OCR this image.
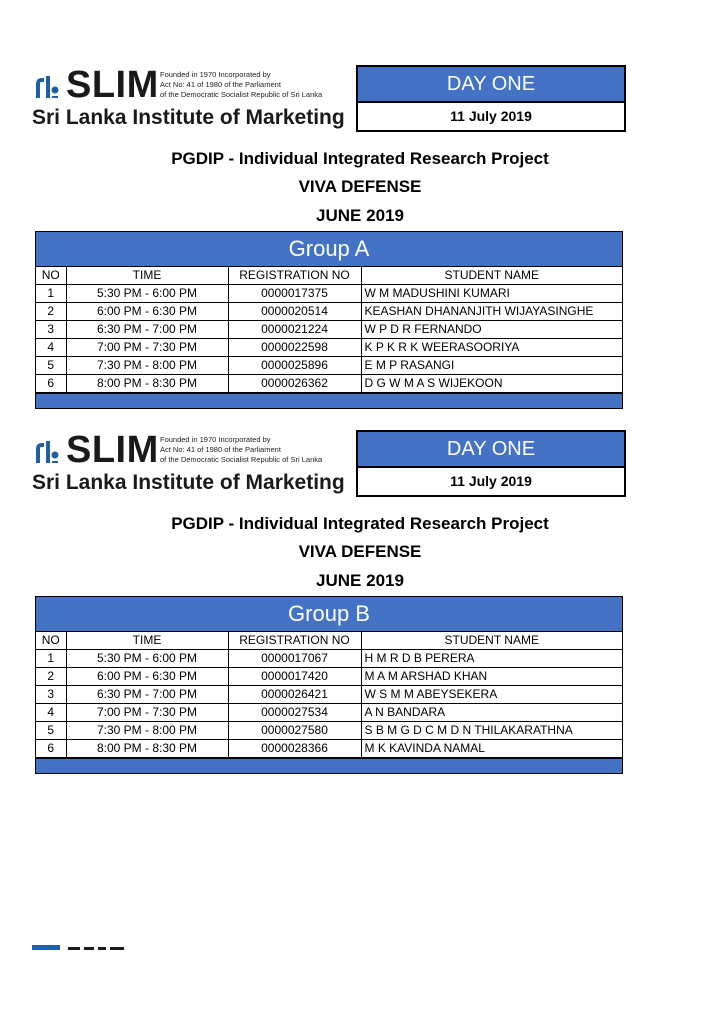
SLIM Founded in 1970 Incorporated by
Act No: 41 of 1980 of the Parliament
of the Democratic Socialist Republic of Sri Lanka
Sri Lanka Institute of Marketing
DAY ONE
11 July 2019
PGDIP - Individual Integrated Research Project
VIVA DEFENSE
JUNE 2019
Group A
NO	TIME	REGISTRATION NO	STUDENT NAME
1	5:30 PM - 6:00 PM	0000017375	W M MADUSHINI KUMARI
2	6:00 PM - 6:30 PM	0000020514	KEASHAN DHANANJITH WIJAYASINGHE
3	6:30 PM - 7:00 PM	0000021224	W P D R FERNANDO
4	7:00 PM - 7:30 PM	0000022598	K P K R K WEERASOORIYA
5	7:30 PM - 8:00 PM	0000025896	E M P RASANGI
6	8:00 PM - 8:30 PM	0000026362	D G W M A S WIJEKOON
SLIM Founded in 1970 Incorporated by
Act No: 41 of 1980 of the Parliament
of the Democratic Socialist Republic of Sri Lanka
Sri Lanka Institute of Marketing
DAY ONE
11 July 2019
PGDIP - Individual Integrated Research Project
VIVA DEFENSE
JUNE 2019
Group B
NO	TIME	REGISTRATION NO	STUDENT NAME
1	5:30 PM - 6:00 PM	0000017067	H M R D B PERERA
2	6:00 PM - 6:30 PM	0000017420	M A M ARSHAD KHAN
3	6:30 PM - 7:00 PM	0000026421	W S M M ABEYSEKERA
4	7:00 PM - 7:30 PM	0000027534	A N BANDARA
5	7:30 PM - 8:00 PM	0000027580	S B M G D C M D N THILAKARATHNA
6	8:00 PM - 8:30 PM	0000028366	M K KAVINDA NAMAL
